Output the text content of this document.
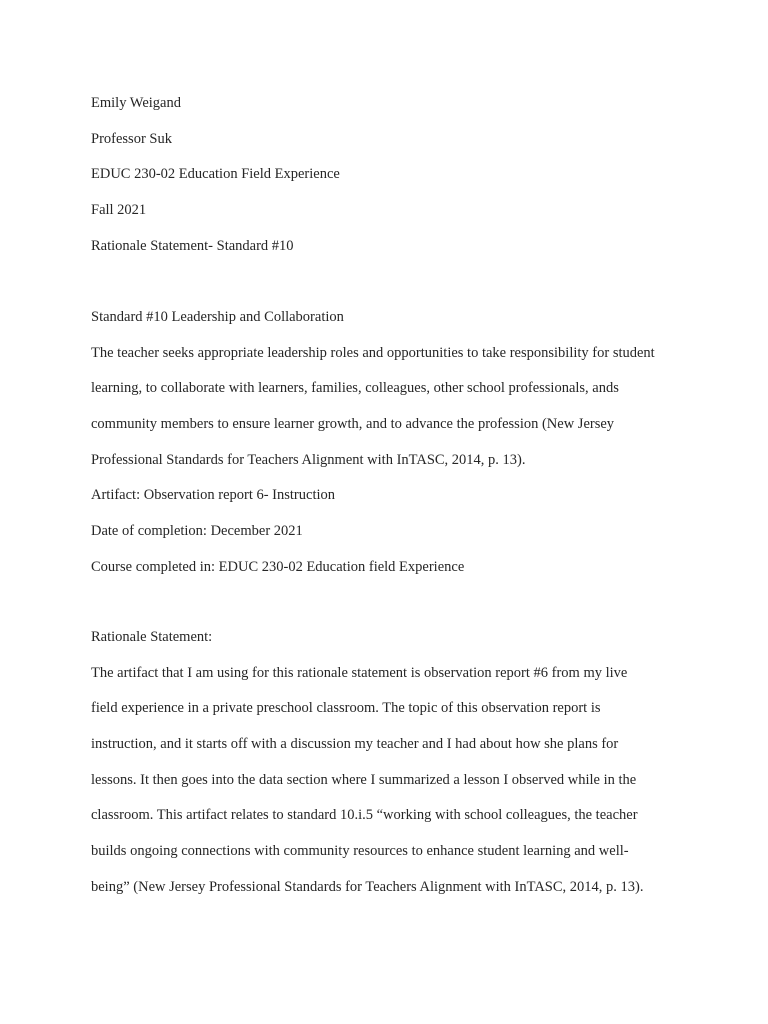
Emily Weigand
Professor Suk
EDUC 230-02 Education Field Experience
Fall 2021
Rationale Statement- Standard #10
Standard #10 Leadership and Collaboration
The teacher seeks appropriate leadership roles and opportunities to take responsibility for student
learning, to collaborate with learners, families, colleagues, other school professionals, ands
community members to ensure learner growth, and to advance the profession (New Jersey
Professional Standards for Teachers Alignment with InTASC, 2014, p. 13).
Artifact: Observation report 6- Instruction
Date of completion: December 2021
Course completed in: EDUC 230-02 Education field Experience
Rationale Statement:
The artifact that I am using for this rationale statement is observation report #6 from my live
field experience in a private preschool classroom. The topic of this observation report is
instruction, and it starts off with a discussion my teacher and I had about how she plans for
lessons. It then goes into the data section where I summarized a lesson I observed while in the
classroom. This artifact relates to standard 10.i.5 “working with school colleagues, the teacher
builds ongoing connections with community resources to enhance student learning and well-
being” (New Jersey Professional Standards for Teachers Alignment with InTASC, 2014, p. 13).
